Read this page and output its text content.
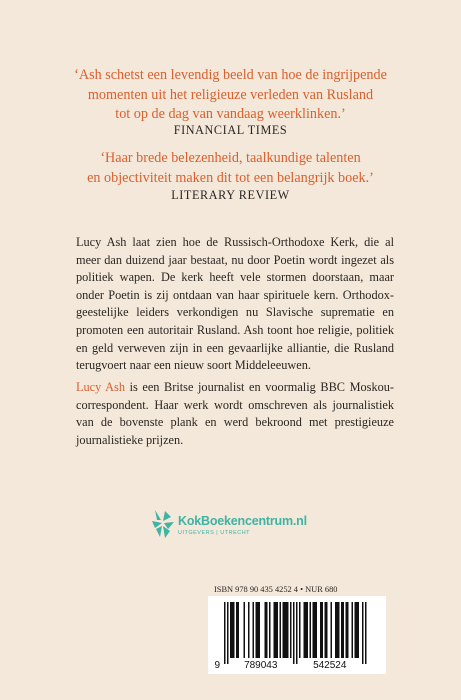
‘Ash schetst een levendig beeld van hoe de ingrijpende
momenten uit het religieuze verleden van Rusland
tot op de dag van vandaag weerklinken.’

FINANCIAL TIMES

‘Haar brede belezenheid, taalkundige talenten
en objectiviteit maken dit tot een belangrijk boek.’

LITERARY REVIEW

Lucy Ash laat zien hoe de Russisch-Orthodoxe Kerk, die al meer dan duizend jaar bestaat, nu door Poetin wordt ingezet als politiek wapen. De kerk heeft vele stormen doorstaan, maar onder Poetin is zij ontdaan van haar spirituele kern. Orthodox-geestelijke leiders verkondigen nu Slavische suprematie en promoten een autoritair Rusland. Ash toont hoe religie, politiek en geld verweven zijn in een gevaarlijke alliantie, die Rusland terugvoert naar een nieuw soort Middeleeuwen.

Lucy Ash is een Britse journalist en voormalig BBC Moskou-correspondent. Haar werk wordt omschreven als journalistiek van de bovenste plank en werd bekroond met prestigieuze journalistieke prijzen.

KokBoekencentrum.nl
UITGEVERS | UTRECHT
ISBN 978 90 435 4252 4 • NUR 680
9 789043	542524
